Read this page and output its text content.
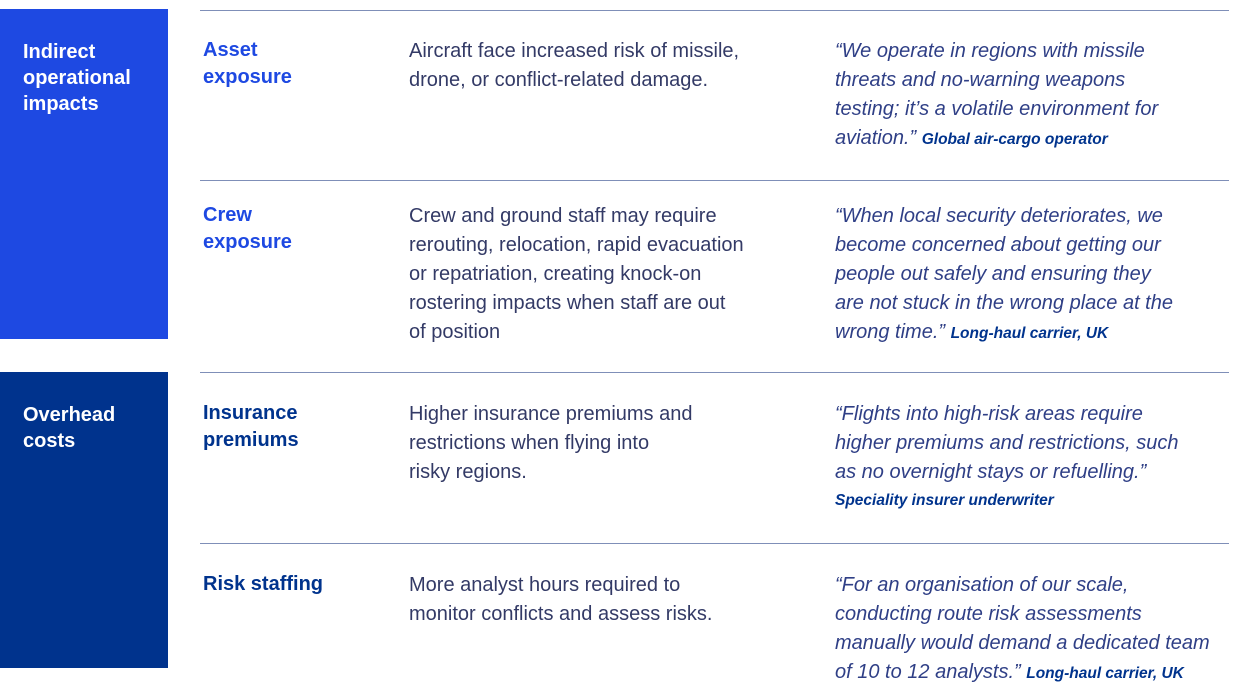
Indirect
operational
impacts
Overhead
costs
Asset
exposure
Aircraft face increased risk of missile,
drone, or conflict-related damage.
“We operate in regions with missile
threats and no-warning weapons
testing; it’s a volatile environment for
aviation.” Global air-cargo operator
Crew
exposure
Crew and ground staff may require
rerouting, relocation, rapid evacuation
or repatriation, creating knock-on
rostering impacts when staff are out
of position
“When local security deteriorates, we
become concerned about getting our
people out safely and ensuring they
are not stuck in the wrong place at the
wrong time.” Long-haul carrier, UK
Insurance
premiums
Higher insurance premiums and
restrictions when flying into
risky regions.
“Flights into high-risk areas require
higher premiums and restrictions, such
as no overnight stays or refuelling.”
Speciality insurer underwriter
Risk staffing	More analyst hours required to
monitor conflicts and assess risks.
“For an organisation of our scale,
conducting route risk assessments
manually would demand a dedicated team
of 10 to 12 analysts.” Long-haul carrier, UK
